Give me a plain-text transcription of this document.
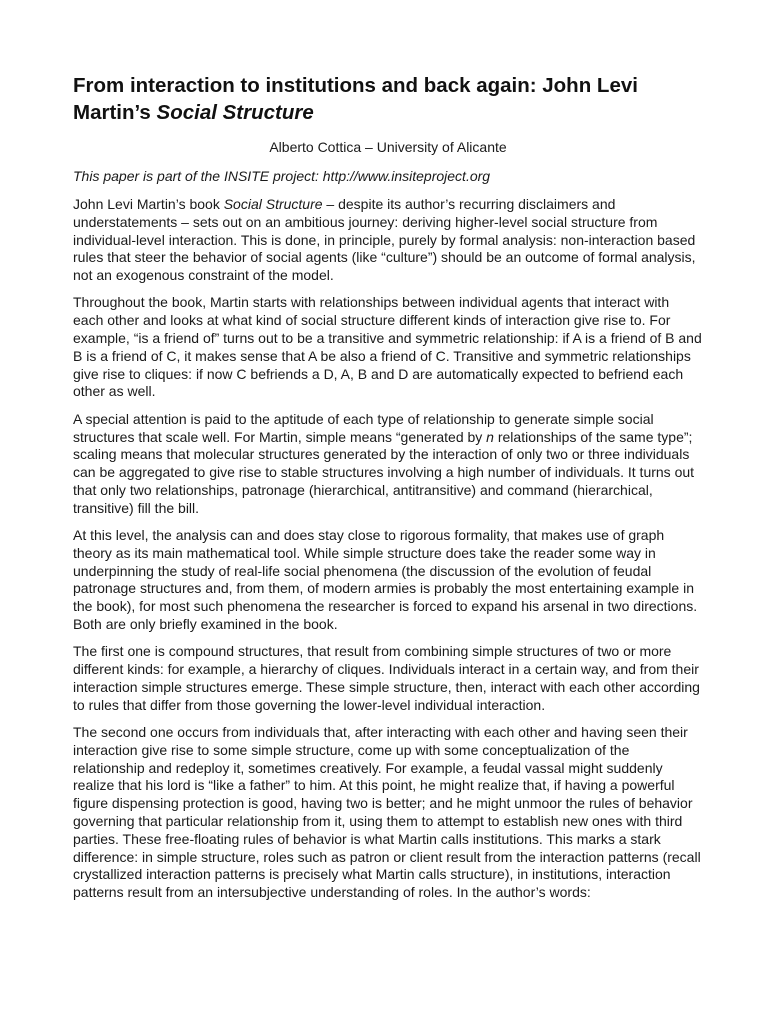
From interaction to institutions and back again: John Levi Martin’s Social Structure

Alberto Cottica – University of Alicante

This paper is part of the INSITE project: http://www.insiteproject.org

John Levi Martin’s book Social Structure – despite its author’s recurring disclaimers and understatements – sets out on an ambitious journey: deriving higher-level social structure from individual-level interaction. This is done, in principle, purely by formal analysis: non-interaction based rules that steer the behavior of social agents (like “culture”) should be an outcome of formal analysis, not an exogenous constraint of the model.

Throughout the book, Martin starts with relationships between individual agents that interact with each other and looks at what kind of social structure different kinds of interaction give rise to. For example, “is a friend of” turns out to be a transitive and symmetric relationship: if A is a friend of B and B is a friend of C, it makes sense that A be also a friend of C. Transitive and symmetric relationships give rise to cliques: if now C befriends a D, A, B and D are automatically expected to befriend each other as well.

A special attention is paid to the aptitude of each type of relationship to generate simple social structures that scale well. For Martin, simple means “generated by n relationships of the same type”; scaling means that molecular structures generated by the interaction of only two or three individuals can be aggregated to give rise to stable structures involving a high number of individuals. It turns out that only two relationships, patronage (hierarchical, antitransitive) and command (hierarchical, transitive) fill the bill.

At this level, the analysis can and does stay close to rigorous formality, that makes use of graph theory as its main mathematical tool. While simple structure does take the reader some way in underpinning the study of real-life social phenomena (the discussion of the evolution of feudal patronage structures and, from them, of modern armies is probably the most entertaining example in the book), for most such phenomena the researcher is forced to expand his arsenal in two directions. Both are only briefly examined in the book.

The first one is compound structures, that result from combining simple structures of two or more different kinds: for example, a hierarchy of cliques. Individuals interact in a certain way, and from their interaction simple structures emerge. These simple structure, then, interact with each other according to rules that differ from those governing the lower-level individual interaction.

The second one occurs from individuals that, after interacting with each other and having seen their interaction give rise to some simple structure, come up with some conceptualization of the relationship and redeploy it, sometimes creatively. For example, a feudal vassal might suddenly realize that his lord is “like a father” to him. At this point, he might realize that, if having a powerful figure dispensing protection is good, having two is better; and he might unmoor the rules of behavior governing that particular relationship from it, using them to attempt to establish new ones with third parties. These free-floating rules of behavior is what Martin calls institutions. This marks a stark difference: in simple structure, roles such as patron or client result from the interaction patterns (recall crystallized interaction patterns is precisely what Martin calls structure), in institutions, interaction patterns result from an intersubjective understanding of roles. In the author’s words:
